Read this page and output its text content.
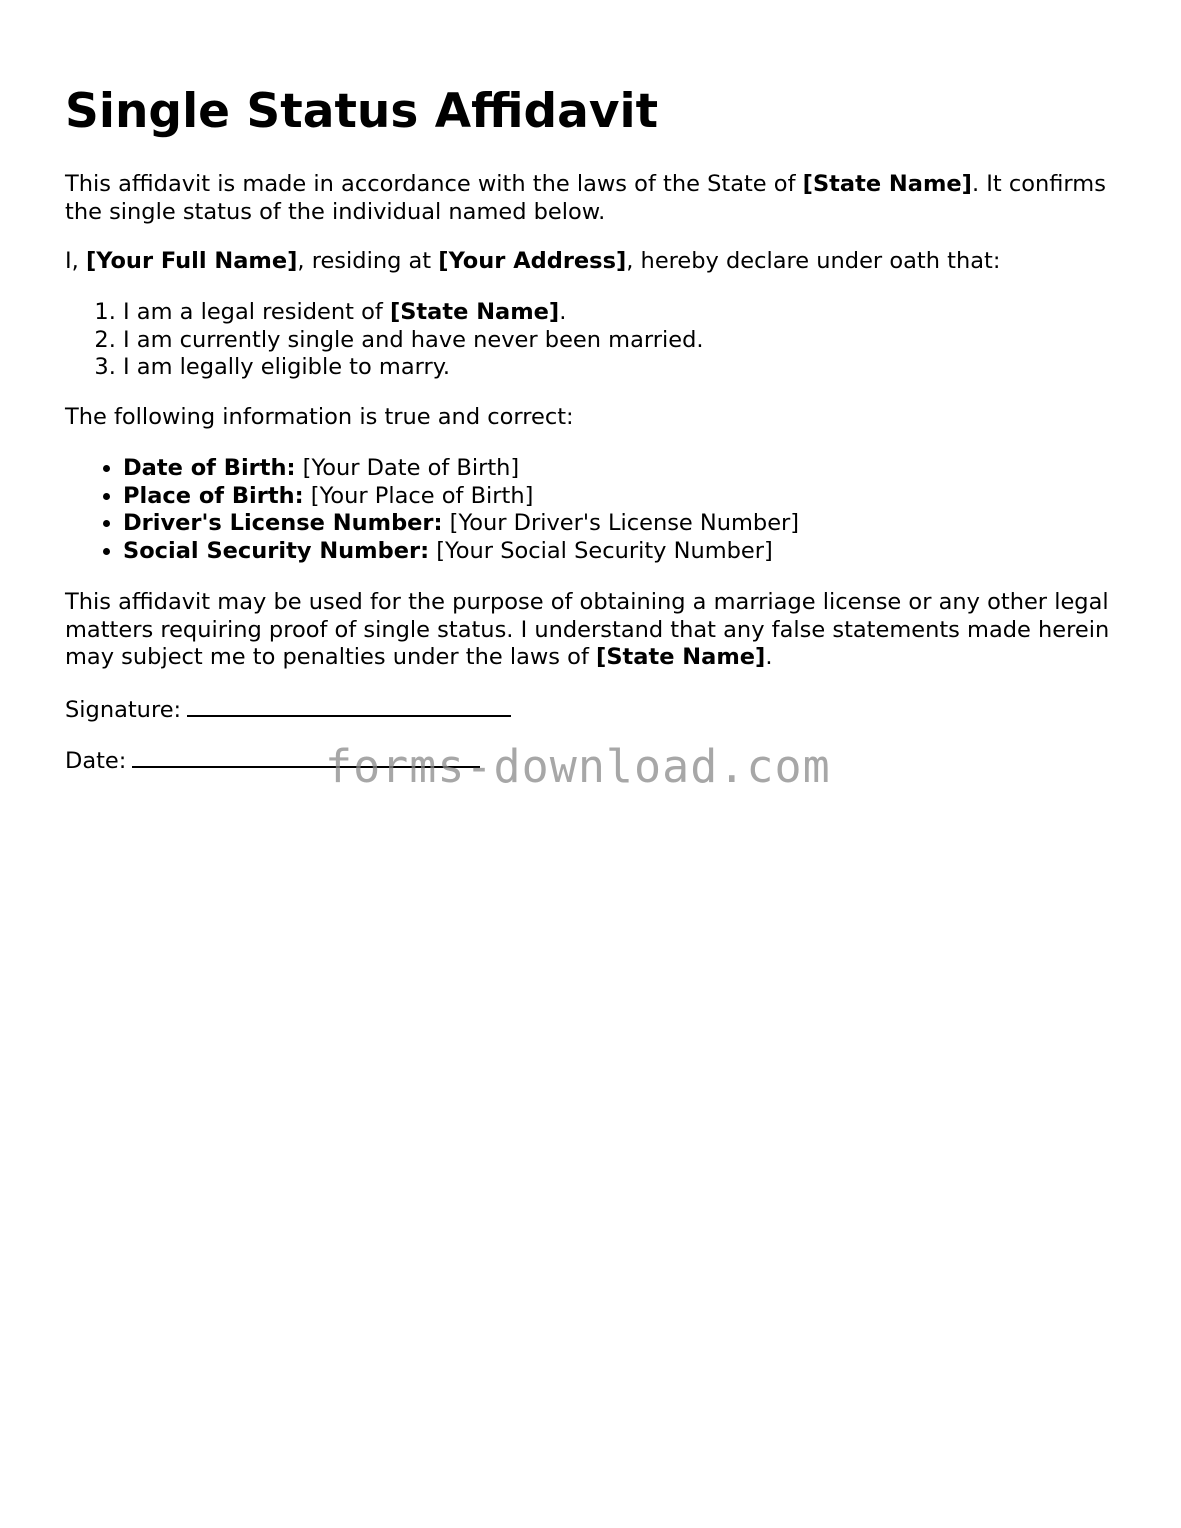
Single Status Affidavit

This affidavit is made in accordance with the laws of the State of [State Name]. It confirms the single status of the individual named below.

I, [Your Full Name], residing at [Your Address], hereby declare under oath that:

1. I am a legal resident of [State Name].
2. I am currently single and have never been married.
3. I am legally eligible to marry.

The following information is true and correct:

• Date of Birth: [Your Date of Birth]
• Place of Birth: [Your Place of Birth]
• Driver's License Number: [Your Driver's License Number]
• Social Security Number: [Your Social Security Number]

This affidavit may be used for the purpose of obtaining a marriage license or any other legal matters requiring proof of single status. I understand that any false statements made herein may subject me to penalties under the laws of [State Name].

Signature:

Date:	forms-download.com
